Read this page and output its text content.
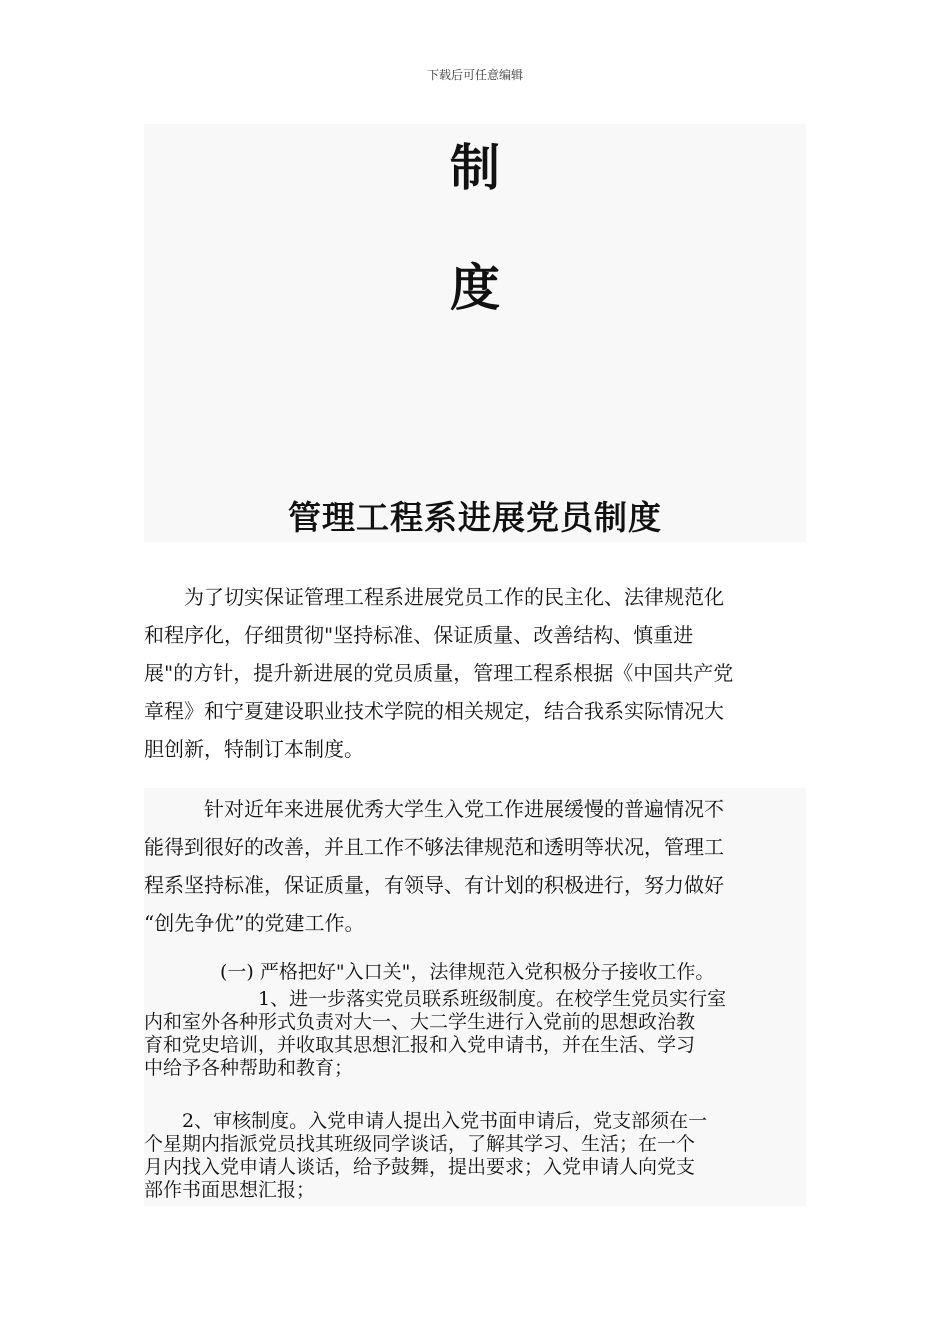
下载后可任意编辑
制
度
管理工程系进展党员制度

　　为了切实保证管理工程系进展党员工作的民主化、法律规范化
和程序化，仔细贯彻"坚持标准、保证质量、改善结构、慎重进
展"的方针，提升新进展的党员质量，管理工程系根据《中国共产党
章程》和宁夏建设职业技术学院的相关规定，结合我系实际情况大
胆创新，特制订本制度。

　　　针对近年来进展优秀大学生入党工作进展缓慢的普遍情况不
能得到很好的改善，并且工作不够法律规范和透明等状况，管理工
程系坚持标准，保证质量，有领导、有计划的积极进行，努力做好
“创先争优”的党建工作。

　　　　(一) 严格把好"入口关"，法律规范入党积极分子接收工作。

　　　　　　1、进一步落实党员联系班级制度。在校学生党员实行室
内和室外各种形式负责对大一、大二学生进行入党前的思想政治教
育和党史培训，并收取其思想汇报和入党申请书，并在生活、学习
中给予各种帮助和教育；

　　2、审核制度。入党申请人提出入党书面申请后，党支部须在一
个星期内指派党员找其班级同学谈话，了解其学习、生活；在一个
月内找入党申请人谈话，给予鼓舞，提出要求；入党申请人向党支
部作书面思想汇报；
